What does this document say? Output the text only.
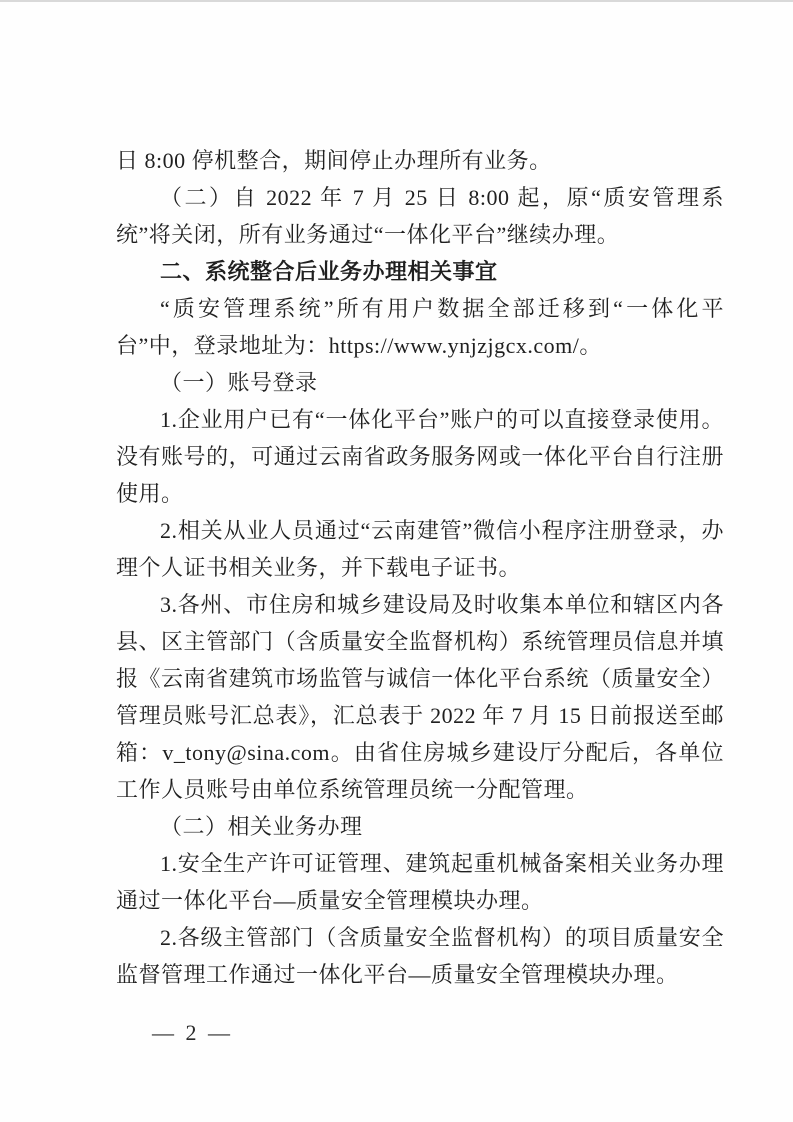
日 8:00 停机整合，期间停止办理所有业务。

（二）自 2022 年 7 月 25 日 8:00 起，原“质安管理系统”将关闭，所有业务通过“一体化平台”继续办理。

二、系统整合后业务办理相关事宜

“质安管理系统”所有用户数据全部迁移到“一体化平台”中，登录地址为：https://www.ynjzjgcx.com/。

（一）账号登录

1.企业用户已有“一体化平台”账户的可以直接登录使用。没有账号的，可通过云南省政务服务网或一体化平台自行注册使用。

2.相关从业人员通过“云南建管”微信小程序注册登录，办理个人证书相关业务，并下载电子证书。

3.各州、市住房和城乡建设局及时收集本单位和辖区内各县、区主管部门（含质量安全监督机构）系统管理员信息并填报《云南省建筑市场监管与诚信一体化平台系统（质量安全）管理员账号汇总表》，汇总表于 2022 年 7 月 15 日前报送至邮箱：v_tony@sina.com。由省住房城乡建设厅分配后，各单位工作人员账号由单位系统管理员统一分配管理。

（二）相关业务办理

1.安全生产许可证管理、建筑起重机械备案相关业务办理通过一体化平台—质量安全管理模块办理。

2.各级主管部门（含质量安全监督机构）的项目质量安全监督管理工作通过一体化平台—质量安全管理模块办理。

— 2 —
